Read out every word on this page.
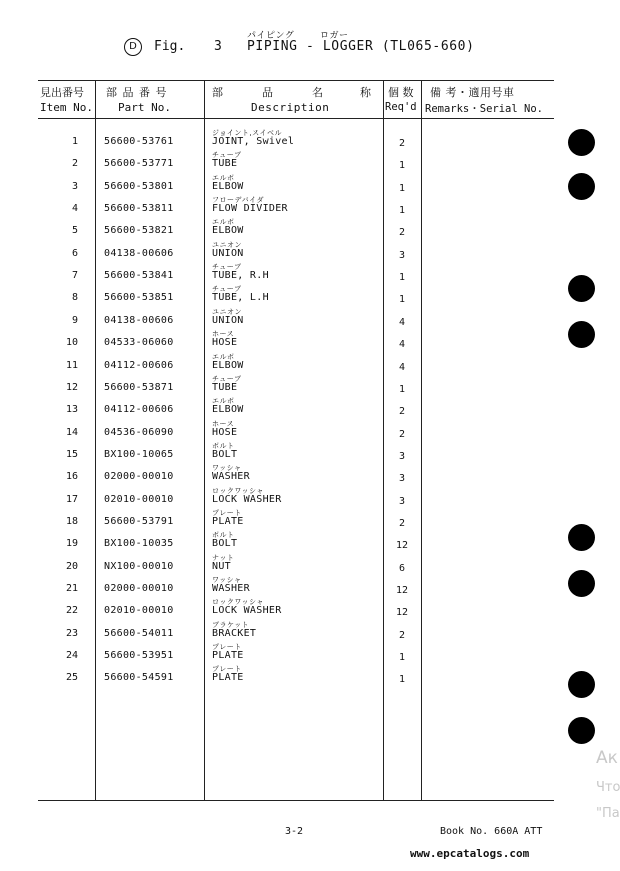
パイピング	ロガー
D	Fig. 3 PIPING - LOGGER (TL065-660)
見出番号
Item No.
部 品 番 号
Part No.
部	品	名	称
Description
個 数
Req'd
備 考・適用号車
Remarks・Serial No.
1	56600-53761
ジョイント,スイベル
JOINT, Swivel	2
2	56600-53771
チューブ
TUBE	1
3	56600-53801
エルボ
ELBOW	1
4	56600-53811
フローデバイダ
FLOW DIVIDER	1
5	56600-53821
エルボ
ELBOW	2
6	04138-00606
ユニオン
UNION	3
7	56600-53841
チューブ
TUBE, R.H	1
8	56600-53851
チューブ
TUBE, L.H	1
9	04138-00606
ユニオン
UNION	4
10	04533-06060
ホース
HOSE	4
11	04112-00606
エルボ
ELBOW	4
12	56600-53871
チューブ
TUBE	1
13	04112-00606
エルボ
ELBOW	2
14	04536-06090
ホース
HOSE	2
15	BX100-10065
ボルト
BOLT	3
16	02000-00010
ワッシャ
WASHER	3
17	02010-00010
ロックワッシャ
LOCK WASHER	3
18	56600-53791
プレート
PLATE	2
19	BX100-10035
ボルト
BOLT	12
20	NX100-00010
ナット
NUT	6
21	02000-00010
ワッシャ
WASHER	12
22	02010-00010
ロックワッシャ
LOCK WASHER	12
23	56600-54011
ブラケット
BRACKET	2
24	56600-53951
プレート
PLATE	1
25	56600-54591
プレート
PLATE	1
Ак
Что
"Па
3-2	Book No. 660A ATT
www.epcatalogs.com
